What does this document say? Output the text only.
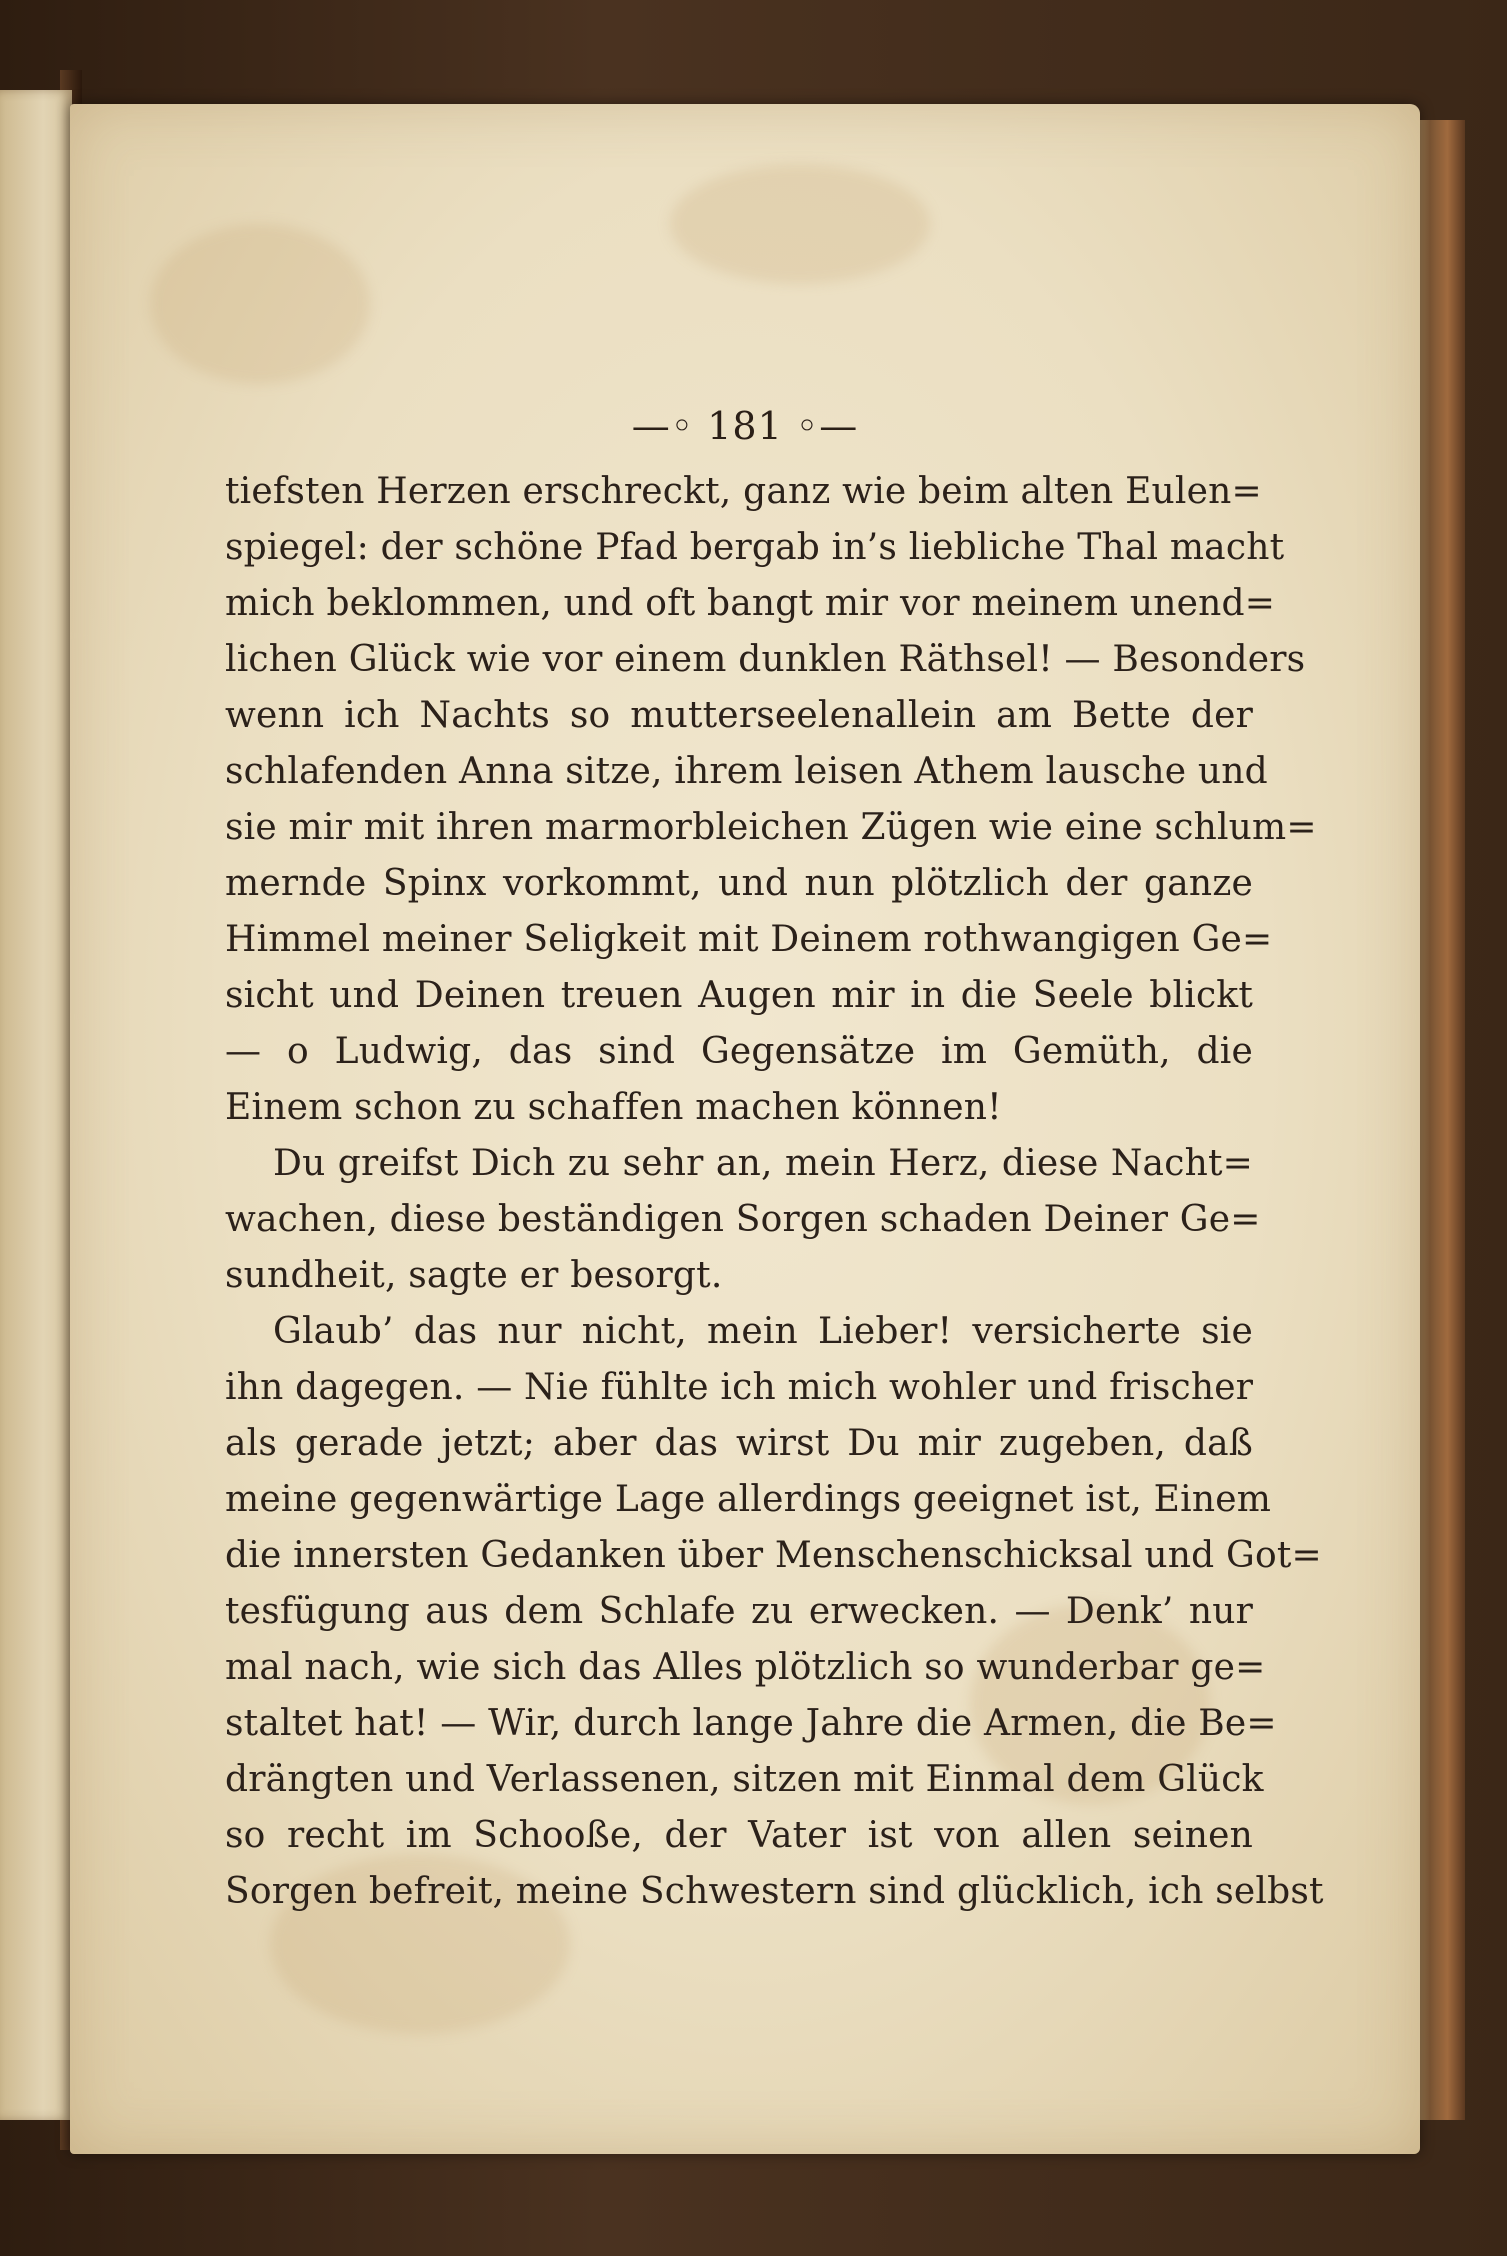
—◦ 181 ◦—
tiefsten Herzen erschreckt, ganz wie beim alten Eulen=
spiegel: der schöne Pfad bergab in’s liebliche Thal macht
mich beklommen, und oft bangt mir vor meinem unend=
lichen Glück wie vor einem dunklen Räthsel! — Besonders
wenn ich Nachts so mutterseelenallein am Bette der
schlafenden Anna sitze, ihrem leisen Athem lausche und
sie mir mit ihren marmorbleichen Zügen wie eine schlum=
mernde Spinx vorkommt, und nun plötzlich der ganze
Himmel meiner Seligkeit mit Deinem rothwangigen Ge=
sicht und Deinen treuen Augen mir in die Seele blickt
— o Ludwig, das sind Gegensätze im Gemüth, die
Einem schon zu schaffen machen können!
Du greifst Dich zu sehr an, mein Herz, diese Nacht=
wachen, diese beständigen Sorgen schaden Deiner Ge=
sundheit, sagte er besorgt.
Glaub’ das nur nicht, mein Lieber! versicherte sie
ihn dagegen. — Nie fühlte ich mich wohler und frischer
als gerade jetzt; aber das wirst Du mir zugeben, daß
meine gegenwärtige Lage allerdings geeignet ist, Einem
die innersten Gedanken über Menschenschicksal und Got=
tesfügung aus dem Schlafe zu erwecken. — Denk’ nur
mal nach, wie sich das Alles plötzlich so wunderbar ge=
staltet hat! — Wir, durch lange Jahre die Armen, die Be=
drängten und Verlassenen, sitzen mit Einmal dem Glück
so recht im Schooße, der Vater ist von allen seinen
Sorgen befreit, meine Schwestern sind glücklich, ich selbst
